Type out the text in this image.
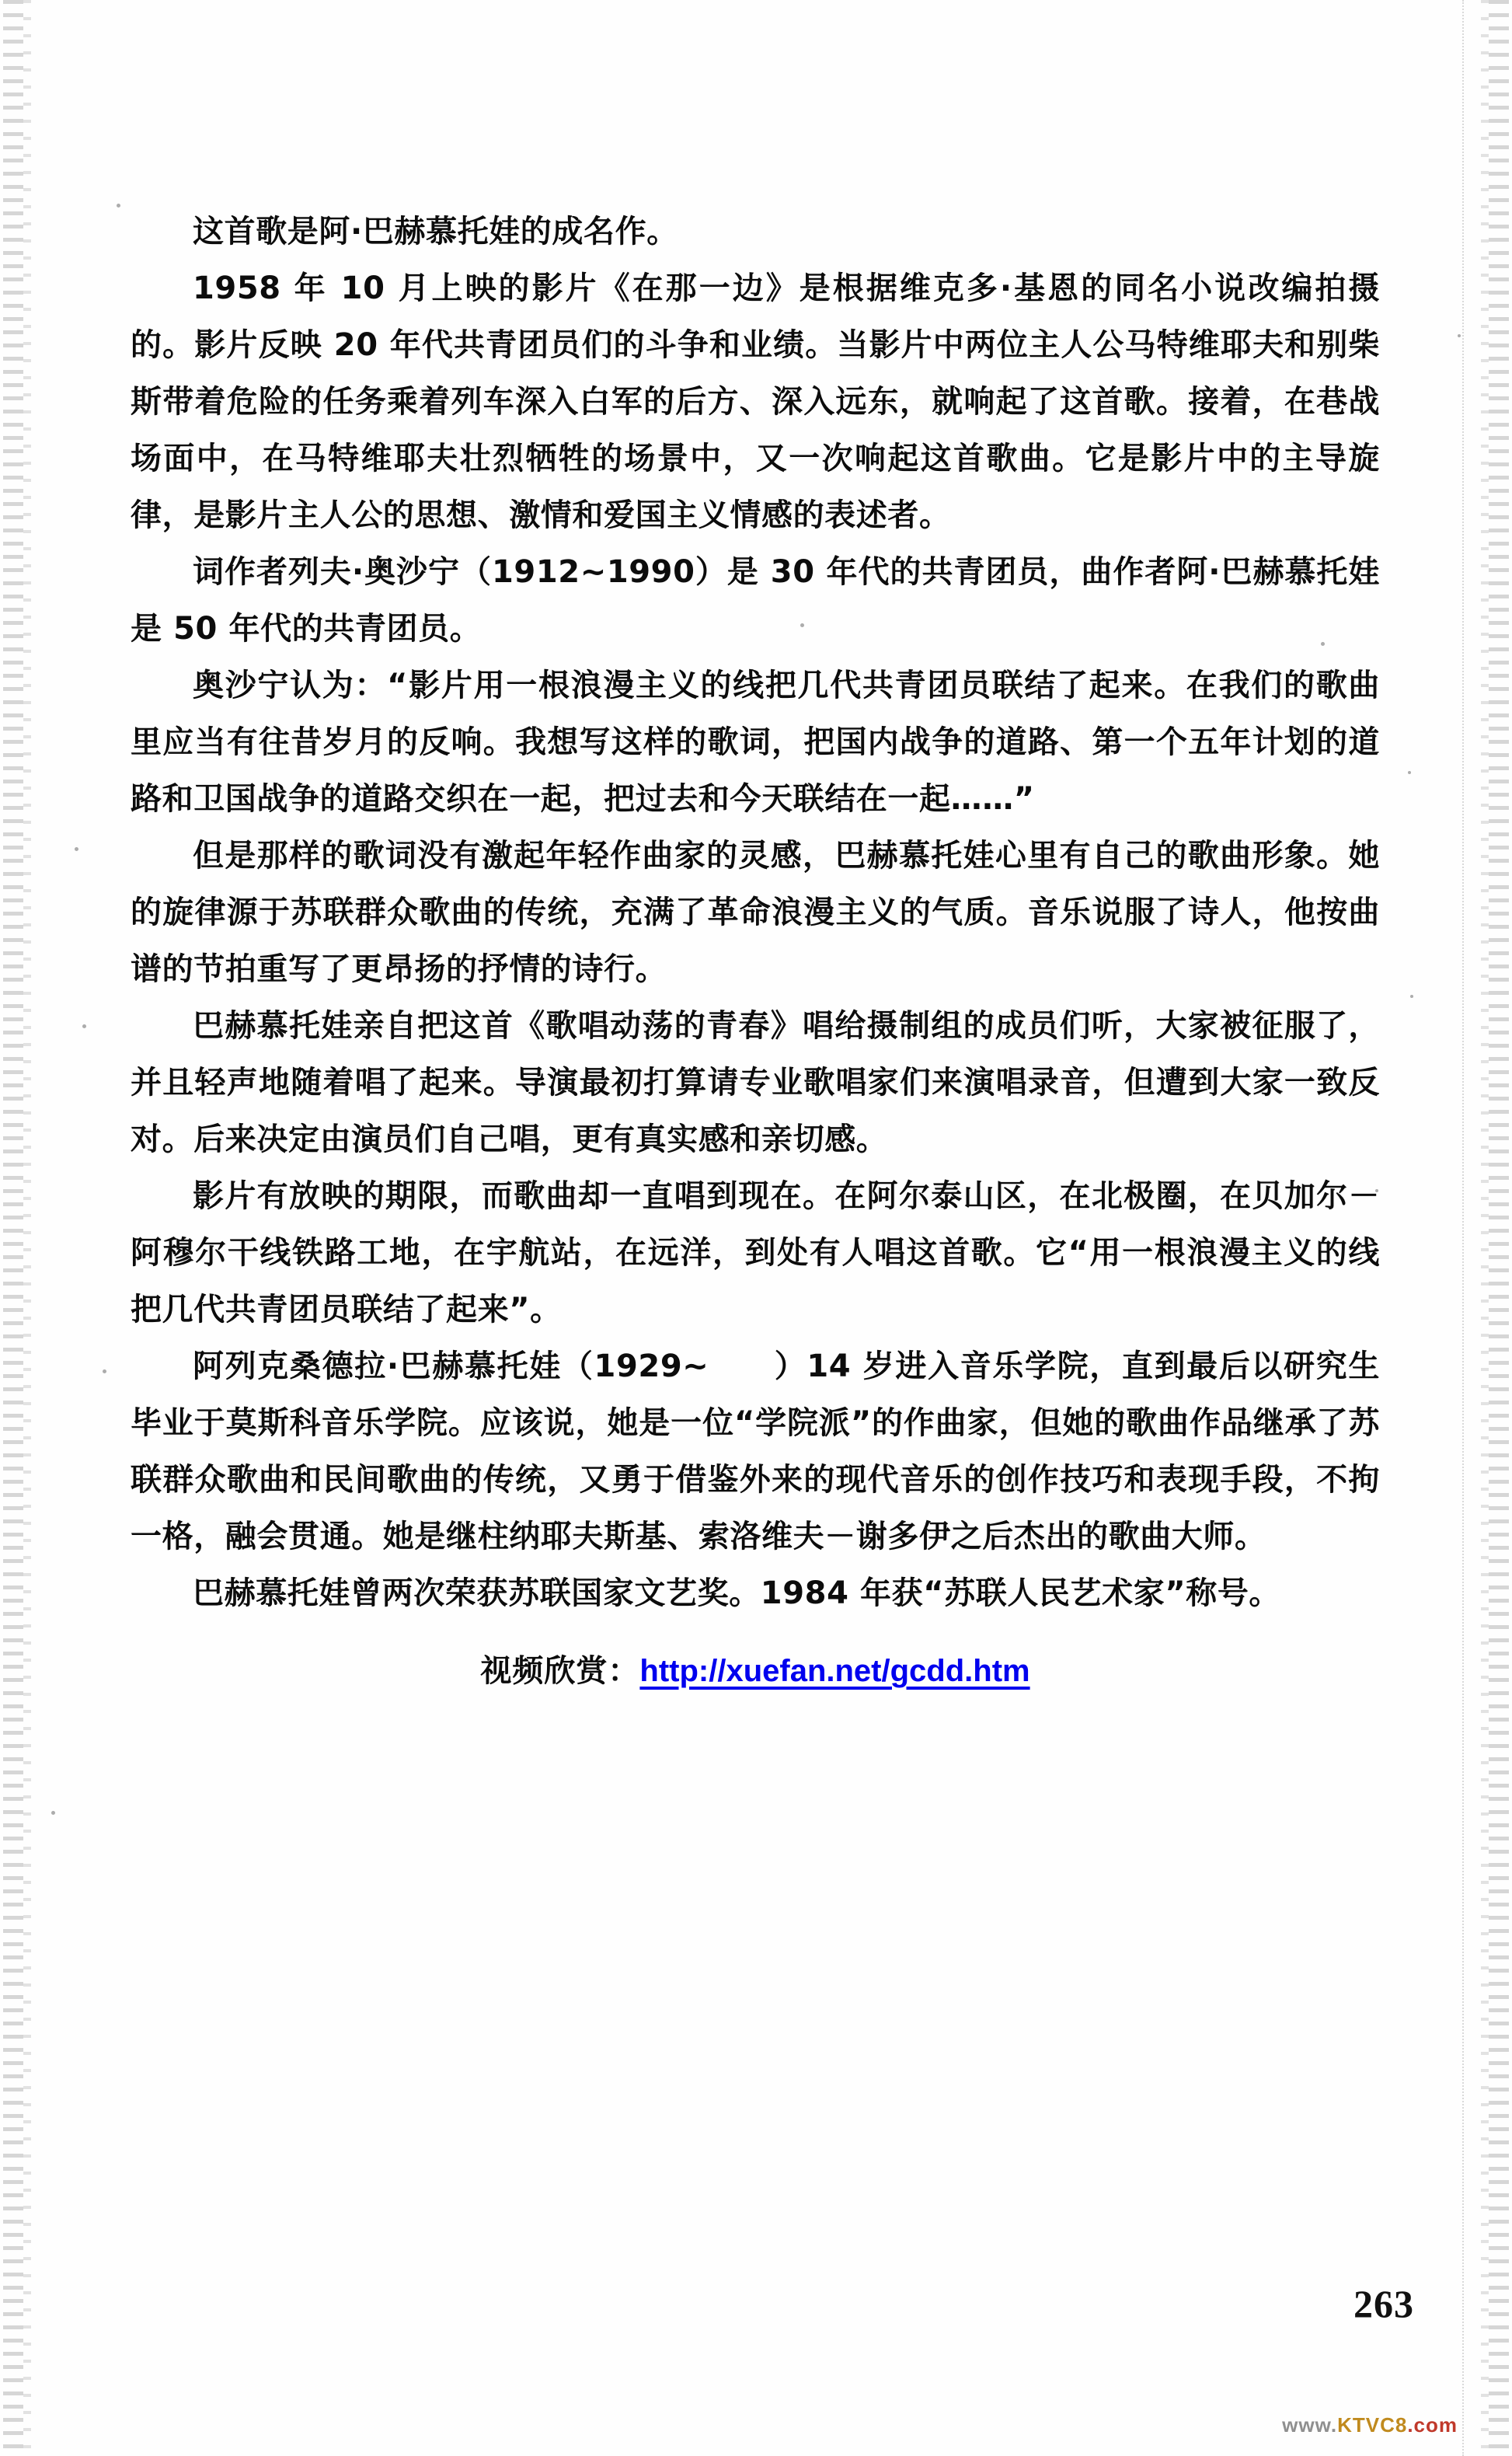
这首歌是阿·巴赫慕托娃的成名作。

1958 年 10 月上映的影片《在那一边》是根据维克多·基恩的同名小说改编拍摄的。影片反映 20 年代共青团员们的斗争和业绩。当影片中两位主人公马特维耶夫和别柴斯带着危险的任务乘着列车深入白军的后方、深入远东，就响起了这首歌。接着，在巷战场面中，在马特维耶夫壮烈牺牲的场景中，又一次响起这首歌曲。它是影片中的主导旋律，是影片主人公的思想、激情和爱国主义情感的表述者。

词作者列夫·奥沙宁（1912~1990）是 30 年代的共青团员，曲作者阿·巴赫慕托娃是 50 年代的共青团员。

奥沙宁认为：“影片用一根浪漫主义的线把几代共青团员联结了起来。在我们的歌曲里应当有往昔岁月的反响。我想写这样的歌词，把国内战争的道路、第一个五年计划的道路和卫国战争的道路交织在一起，把过去和今天联结在一起……”

但是那样的歌词没有激起年轻作曲家的灵感，巴赫慕托娃心里有自己的歌曲形象。她的旋律源于苏联群众歌曲的传统，充满了革命浪漫主义的气质。音乐说服了诗人，他按曲谱的节拍重写了更昂扬的抒情的诗行。

巴赫慕托娃亲自把这首《歌唱动荡的青春》唱给摄制组的成员们听，大家被征服了，并且轻声地随着唱了起来。导演最初打算请专业歌唱家们来演唱录音，但遭到大家一致反对。后来决定由演员们自己唱，更有真实感和亲切感。

影片有放映的期限，而歌曲却一直唱到现在。在阿尔泰山区，在北极圈，在贝加尔－阿穆尔干线铁路工地，在宇航站，在远洋，到处有人唱这首歌。它“用一根浪漫主义的线把几代共青团员联结了起来”。

阿列克桑德拉·巴赫慕托娃（1929~　　）14 岁进入音乐学院，直到最后以研究生毕业于莫斯科音乐学院。应该说，她是一位“学院派”的作曲家，但她的歌曲作品继承了苏联群众歌曲和民间歌曲的传统，又勇于借鉴外来的现代音乐的创作技巧和表现手段，不拘一格，融会贯通。她是继柱纳耶夫斯基、索洛维夫－谢多伊之后杰出的歌曲大师。

巴赫慕托娃曾两次荣获苏联国家文艺奖。1984 年获“苏联人民艺术家”称号。

视频欣赏：http://xuefan.net/gcdd.htm
263
www.KTVC8.com
